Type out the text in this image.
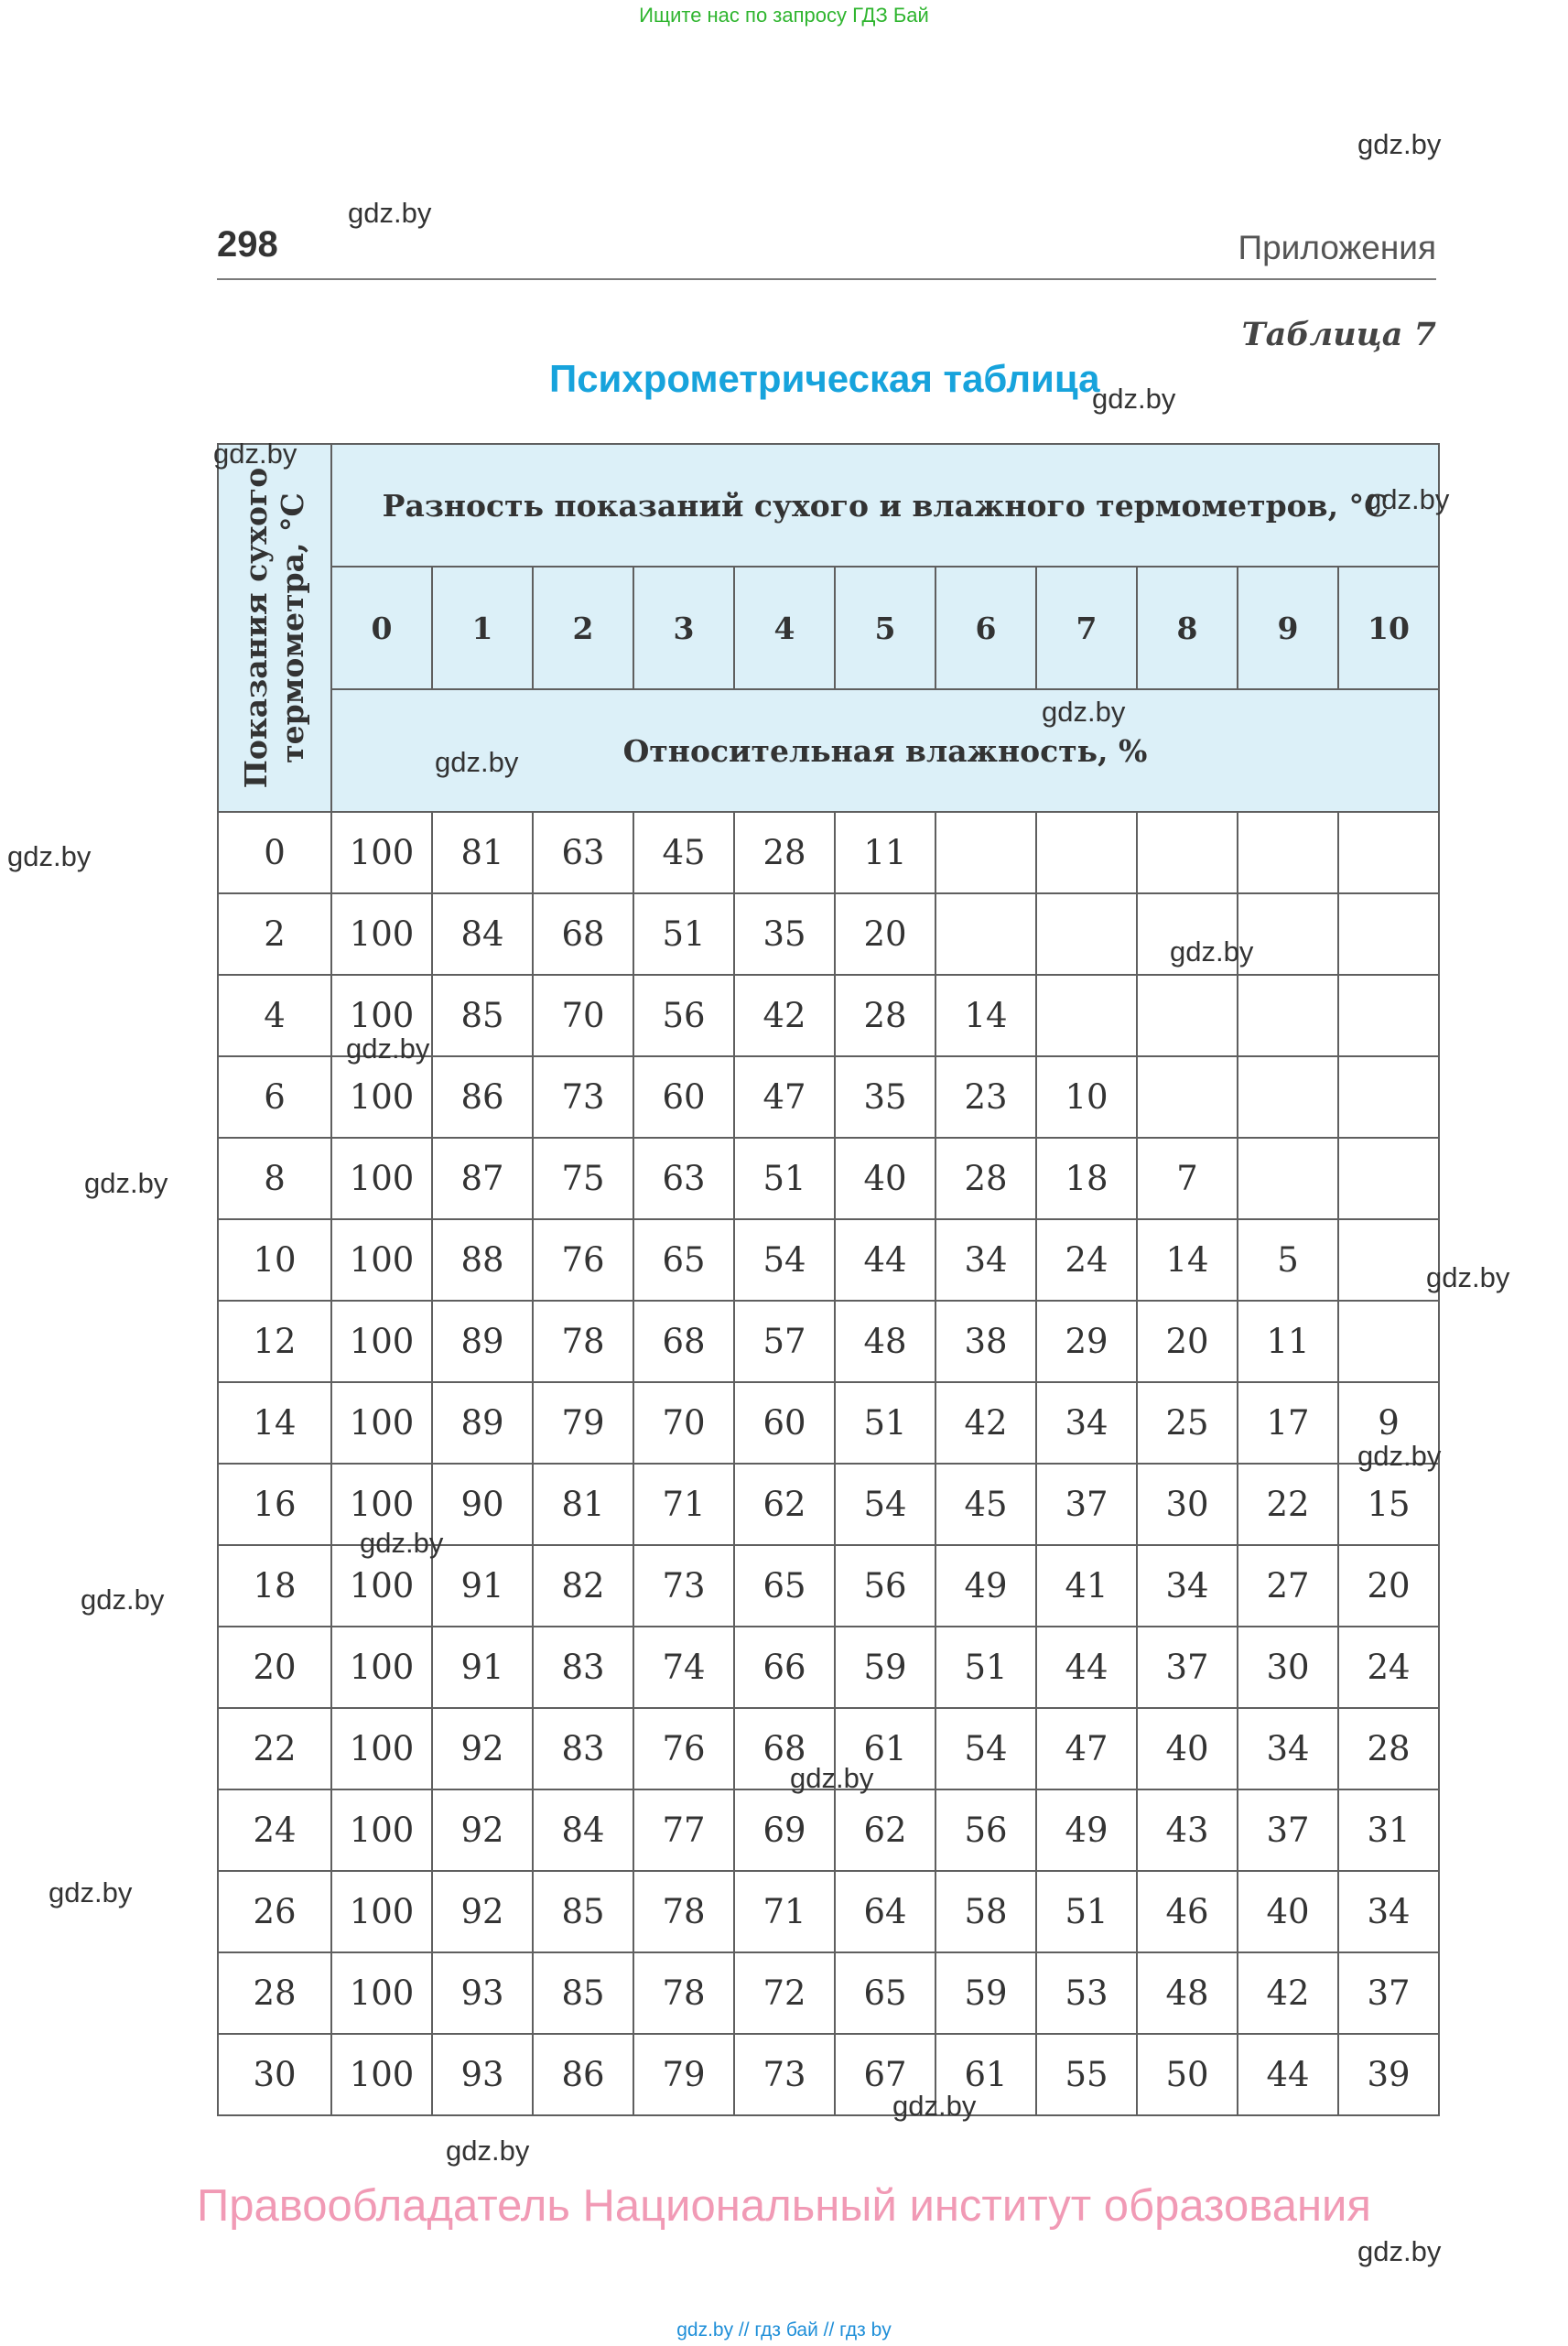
Ищите нас по запросу ГДЗ Бай
298	Приложения
Таблица 7
Психрометрическая таблица
Показания сухого термометра, °С	Разность показаний сухого и влажного термометров, °С										
	0	1	2	3	4	5	6	7	8	9	10
	Относительная влажность, %										
0	100	81	63	45	28	11					
2	100	84	68	51	35	20					
4	100	85	70	56	42	28	14				
6	100	86	73	60	47	35	23	10			
8	100	87	75	63	51	40	28	18	7		
10	100	88	76	65	54	44	34	24	14	5	
12	100	89	78	68	57	48	38	29	20	11	
14	100	89	79	70	60	51	42	34	25	17	9
16	100	90	81	71	62	54	45	37	30	22	15
18	100	91	82	73	65	56	49	41	34	27	20
20	100	91	83	74	66	59	51	44	37	30	24
22	100	92	83	76	68	61	54	47	40	34	28
24	100	92	84	77	69	62	56	49	43	37	31
26	100	92	85	78	71	64	58	51	46	40	34
28	100	93	85	78	72	65	59	53	48	42	37
30	100	93	86	79	73	67	61	55	50	44	39
Правообладатель Национальный институт образования
gdz.by // гдз бай // гдз by
gdz.by
gdz.by
gdz.by
gdz.by
gdz.by
gdz.by
gdz.by
gdz.by
gdz.by
gdz.by
gdz.by
gdz.by
gdz.by
gdz.by
gdz.by
gdz.by
gdz.by
gdz.by
gdz.by
gdz.by
